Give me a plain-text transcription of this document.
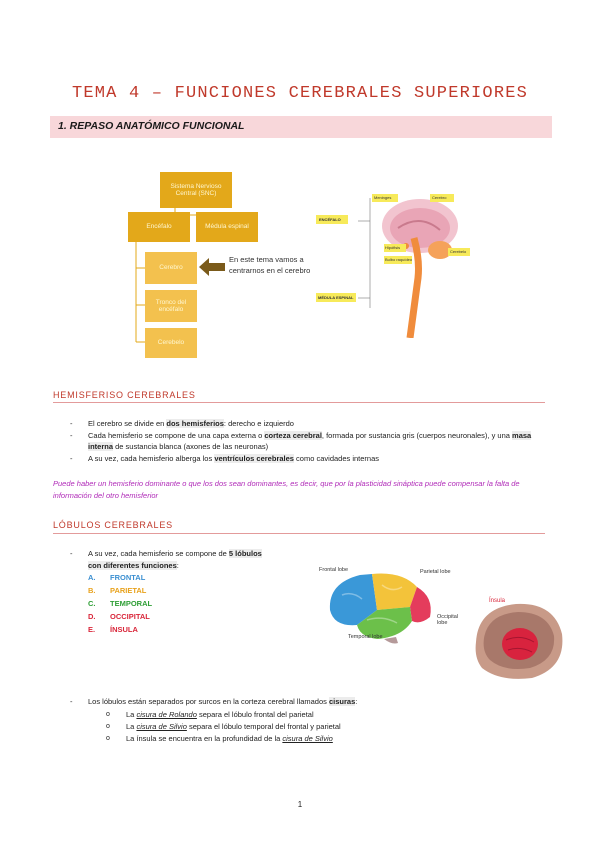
TEMA 4 – FUNCIONES CEREBRALES SUPERIORES
1. REPASO ANATÓMICO FUNCIONAL
Sistema Nervioso Central (SNC)
Encéfalo	Médula espinal
Cerebro
Tronco del encéfalo
Cerebelo
En este tema vamos a
centrarnos en el cerebro
ENCÉFALO
MÉDULA ESPINAL
Meninges	Cerebro
Hipófisis
Cerebelo
Bulbo raquídeo
HEMISFERISO CEREBRALES
- El cerebro se divide en dos hemisferios: derecho e izquierdo
- Cada hemisferio se compone de una capa externa o corteza cerebral, formada por sustancia gris (cuerpos neuronales), y una masa interna de sustancia blanca (axones de las neuronas)
- A su vez, cada hemisferio alberga los ventrículos cerebrales como cavidades internas
Puede haber un hemisferio dominante o que los dos sean dominantes, es decir, que por la plasticidad sináptica puede compensar la falta de información del otro hemisferior
LÓBULOS CEREBRALES
- A su vez, cada hemisferio se compone de 5 lóbulos
con diferentes funciones:
A. FRONTAL
B. PARIETAL
C. TEMPORAL
D. OCCIPITAL
E. ÍNSULA
Frontal lobe	Parietal lobe
Occipital lobe
Temporal lobe
Ínsula
- Los lóbulos están separados por surcos en la corteza cerebral llamados cisuras:
o La cisura de Rolando separa el lóbulo frontal del parietal
o La cisura de Silvio separa el lóbulo temporal del frontal y parietal
o La ínsula se encuentra en la profundidad de la cisura de Silvio
1
